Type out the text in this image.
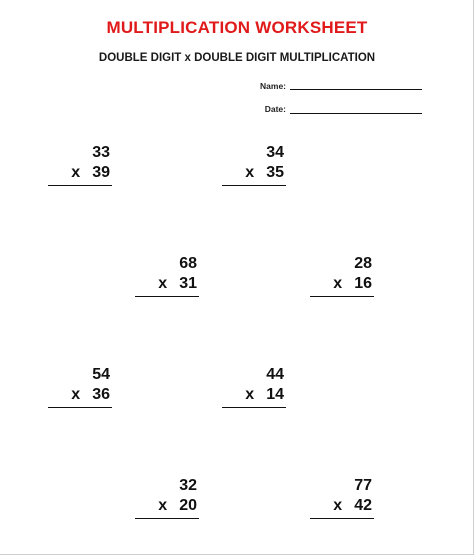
MULTIPLICATION WORKSHEET
DOUBLE DIGIT x DOUBLE DIGIT MULTIPLICATION
Name:
Date:
33
x 39
34
x 35
68
x 31
28
x 16
54
x 36
44
x 14
32
x 20
77
x 42
